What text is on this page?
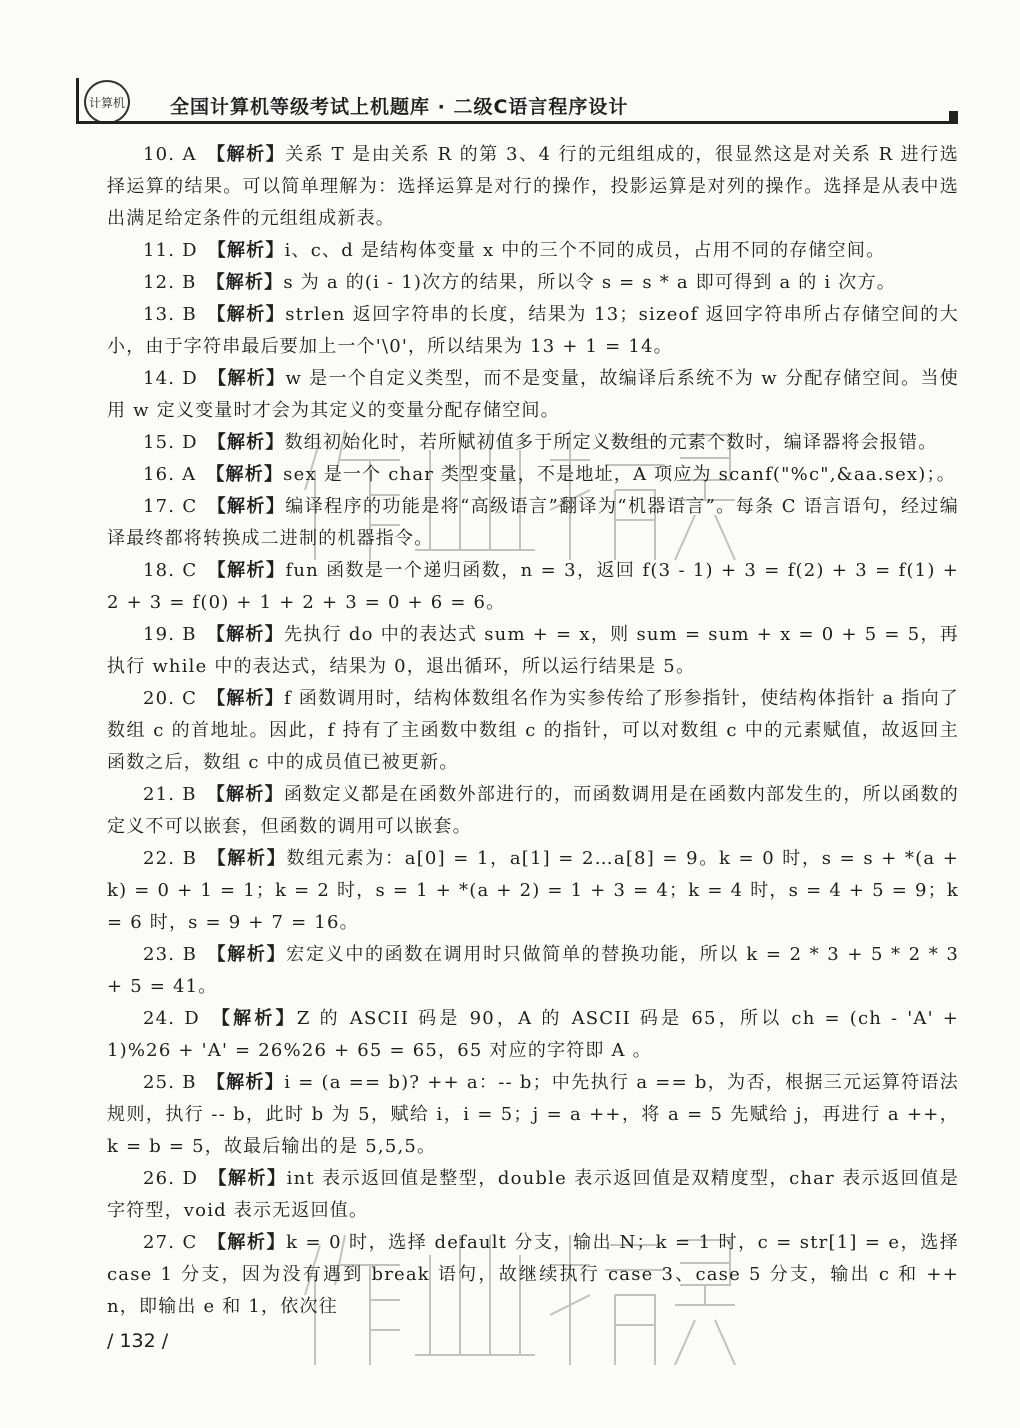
计算机 全国计算机等级考试上机题库 · 二级C语言程序设计

10. A 【解析】关系 T 是由关系 R 的第 3、4 行的元组组成的，很显然这是对关系 R 进行选择运算的结果。可以简单理解为：选择运算是对行的操作，投影运算是对列的操作。选择是从表中选出满足给定条件的元组组成新表。

11. D 【解析】i、c、d 是结构体变量 x 中的三个不同的成员，占用不同的存储空间。

12. B 【解析】s 为 a 的(i - 1)次方的结果，所以令 s = s * a 即可得到 a 的 i 次方。

13. B 【解析】strlen 返回字符串的长度，结果为 13；sizeof 返回字符串所占存储空间的大小，由于字符串最后要加上一个'\0'，所以结果为 13 + 1 = 14。

14. D 【解析】w 是一个自定义类型，而不是变量，故编译后系统不为 w 分配存储空间。当使用 w 定义变量时才会为其定义的变量分配存储空间。

15. D 【解析】数组初始化时，若所赋初值多于所定义数组的元素个数时，编译器将会报错。

16. A 【解析】sex 是一个 char 类型变量，不是地址，A 项应为 scanf("%c",&aa.sex)；。

17. C 【解析】编译程序的功能是将“高级语言”翻译为“机器语言”。每条 C 语言语句，经过编译最终都将转换成二进制的机器指令。

18. C 【解析】fun 函数是一个递归函数，n = 3，返回 f(3 - 1) + 3 = f(2) + 3 = f(1) + 2 + 3 = f(0) + 1 + 2 + 3 = 0 + 6 = 6。

19. B 【解析】先执行 do 中的表达式 sum + = x，则 sum = sum + x = 0 + 5 = 5，再执行 while 中的表达式，结果为 0，退出循环，所以运行结果是 5。

20. C 【解析】f 函数调用时，结构体数组名作为实参传给了形参指针，使结构体指针 a 指向了数组 c 的首地址。因此，f 持有了主函数中数组 c 的指针，可以对数组 c 中的元素赋值，故返回主函数之后，数组 c 中的成员值已被更新。

21. B 【解析】函数定义都是在函数外部进行的，而函数调用是在函数内部发生的，所以函数的定义不可以嵌套，但函数的调用可以嵌套。

22. B 【解析】数组元素为：a[0] = 1，a[1] = 2…a[8] = 9。k = 0 时，s = s + *(a + k) = 0 + 1 = 1；k = 2 时，s = 1 + *(a + 2) = 1 + 3 = 4；k = 4 时，s = 4 + 5 = 9；k = 6 时，s = 9 + 7 = 16。

23. B 【解析】宏定义中的函数在调用时只做简单的替换功能，所以 k = 2 * 3 + 5 * 2 * 3 + 5 = 41。

24. D 【解析】Z 的 ASCII 码是 90，A 的 ASCII 码是 65，所以 ch = (ch - 'A' + 1)%26 + 'A' = 26%26 + 65 = 65，65 对应的字符即 A 。

25. B 【解析】i = (a == b)? ++ a：-- b；中先执行 a == b，为否，根据三元运算符语法规则，执行 -- b，此时 b 为 5，赋给 i，i = 5；j = a ++，将 a = 5 先赋给 j，再进行 a ++，k = b = 5，故最后输出的是 5,5,5。

26. D 【解析】int 表示返回值是整型，double 表示返回值是双精度型，char 表示返回值是字符型，void 表示无返回值。

27. C 【解析】k = 0 时，选择 default 分支，输出 N；k = 1 时，c = str[1] = e，选择 case 1 分支，因为没有遇到 break 语句，故继续执行 case 3、case 5 分支，输出 c 和 ++ n，即输出 e 和 1，依次往

/ 132 /
